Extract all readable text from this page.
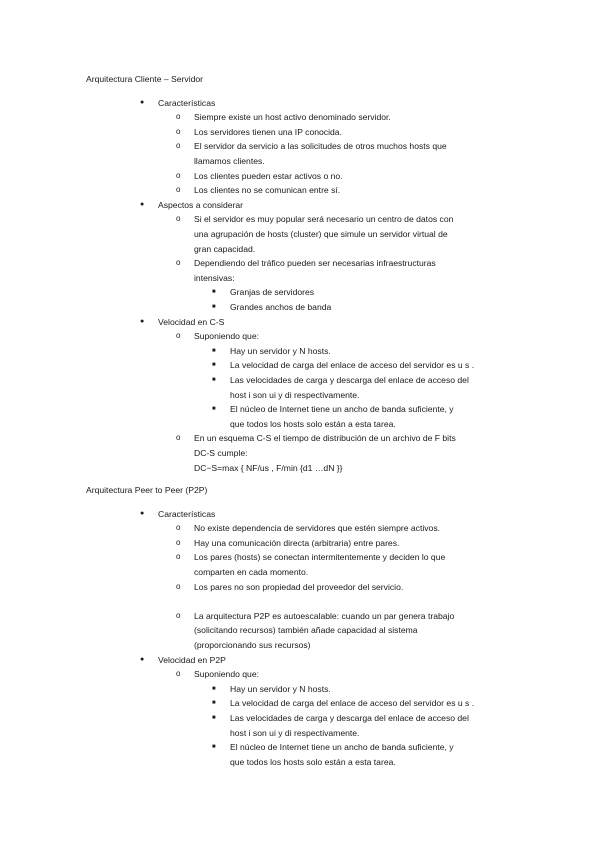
Arquitectura Cliente – Servidor
● Características
o Siempre existe un host activo denominado servidor.
o Los servidores tienen una IP conocida.
o El servidor da servicio a las solicitudes de otros muchos hosts que
llamamos clientes.
o Los clientes pueden estar activos o no.
o Los clientes no se comunican entre sí.
● Aspectos a considerar
o Si el servidor es muy popular será necesario un centro de datos con
una agrupación de hosts (cluster) que simule un servidor virtual de
gran capacidad.
o Dependiendo del tráfico pueden ser necesarias infraestructuras
intensivas:
■ Granjas de servidores
■ Grandes anchos de banda
● Velocidad en C-S
o Suponiendo que:
■ Hay un servidor y N hosts.
■ La velocidad de carga del enlace de acceso del servidor es u s .
■ Las velocidades de carga y descarga del enlace de acceso del
host i son ui y di respectivamente.
■ El núcleo de Internet tiene un ancho de banda suficiente, y
que todos los hosts solo están a esta tarea.
o En un esquema C-S el tiempo de distribución de un archivo de F bits
DC-S cumple:
DC−S=max { NF/us , F/min {d1 …dN }}
Arquitectura Peer to Peer (P2P)
● Características
o No existe dependencia de servidores que estén siempre activos.
o Hay una comunicación directa (arbitraria) entre pares.
o Los pares (hosts) se conectan intermitentemente y deciden lo que
comparten en cada momento.
o Los pares no son propiedad del proveedor del servicio.
o La arquitectura P2P es autoescalable: cuando un par genera trabajo
(solicitando recursos) también añade capacidad al sistema
(proporcionando sus recursos)
● Velocidad en P2P
o Suponiendo que:
■ Hay un servidor y N hosts.
■ La velocidad de carga del enlace de acceso del servidor es u s .
■ Las velocidades de carga y descarga del enlace de acceso del
host i son ui y di respectivamente.
■ El núcleo de Internet tiene un ancho de banda suficiente, y
que todos los hosts solo están a esta tarea.
